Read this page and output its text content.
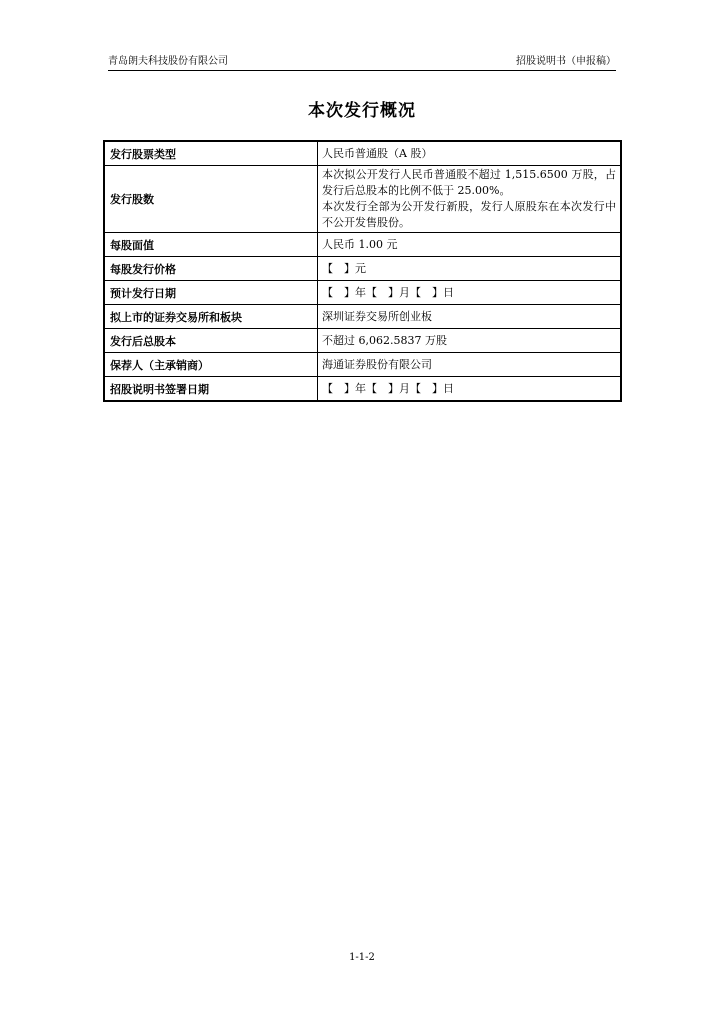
青岛朗夫科技股份有限公司	招股说明书（申报稿）
本次发行概况
发行股票类型	人民币普通股（A 股）

发行股数	本次拟公开发行人民币普通股不超过 1,515.6500 万股，占发行后总股本的比例不低于 25.00%。
本次发行全部为公开发行新股，发行人原股东在本次发行中不公开发售股份。

每股面值	人民币 1.00 元

每股发行价格	【　】元

预计发行日期	【　】年【　】月【　】日

拟上市的证券交易所和板块	深圳证券交易所创业板

发行后总股本	不超过 6,062.5837 万股

保荐人（主承销商）	海通证券股份有限公司

招股说明书签署日期	【　】年【　】月【　】日
1-1-2
